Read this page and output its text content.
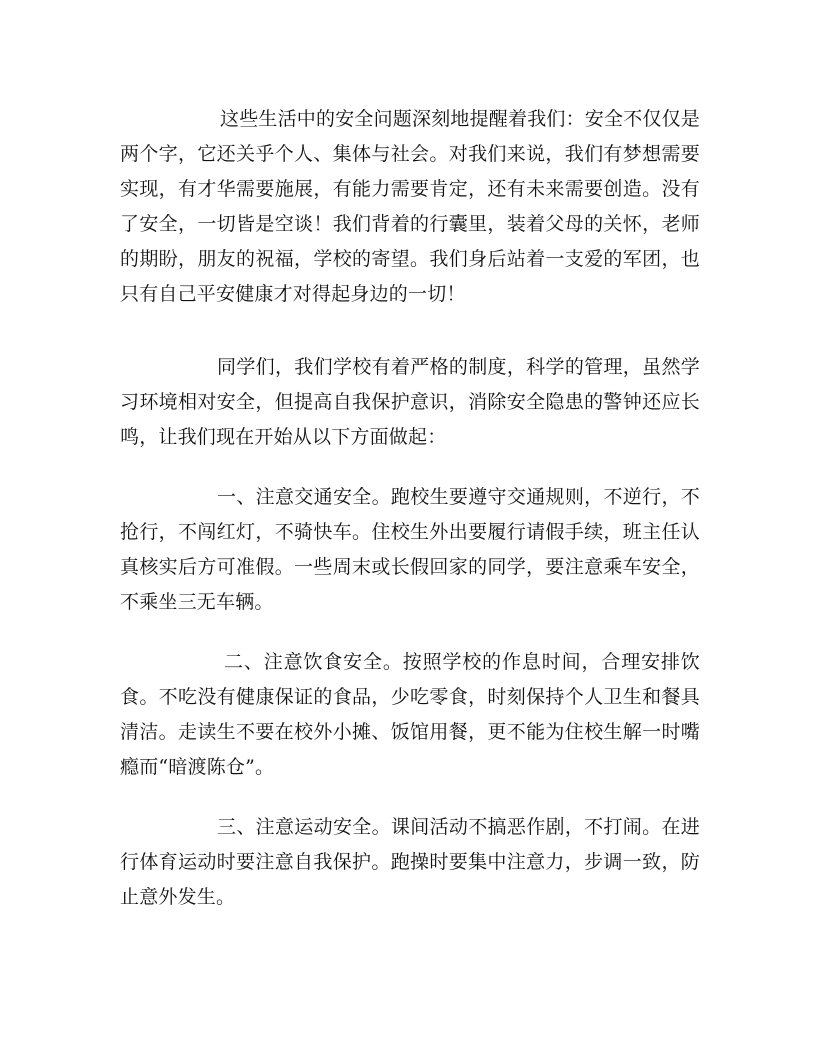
这些生活中的安全问题深刻地提醒着我们：安全不仅仅是两个字，它还关乎个人、集体与社会。对我们来说，我们有梦想需要实现，有才华需要施展，有能力需要肯定，还有未来需要创造。没有了安全，一切皆是空谈！我们背着的行囊里，装着父母的关怀，老师的期盼，朋友的祝福，学校的寄望。我们身后站着一支爱的军团，也只有自己平安健康才对得起身边的一切！

同学们，我们学校有着严格的制度，科学的管理，虽然学习环境相对安全，但提高自我保护意识，消除安全隐患的警钟还应长鸣，让我们现在开始从以下方面做起：

一、注意交通安全。跑校生要遵守交通规则，不逆行，不抢行，不闯红灯，不骑快车。住校生外出要履行请假手续，班主任认真核实后方可准假。一些周末或长假回家的同学，要注意乘车安全，不乘坐三无车辆。

二、注意饮食安全。按照学校的作息时间，合理安排饮食。不吃没有健康保证的食品，少吃零食，时刻保持个人卫生和餐具清洁。走读生不要在校外小摊、饭馆用餐，更不能为住校生解一时嘴瘾而“暗渡陈仓”。

三、注意运动安全。课间活动不搞恶作剧，不打闹。在进行体育运动时要注意自我保护。跑操时要集中注意力，步调一致，防止意外发生。
